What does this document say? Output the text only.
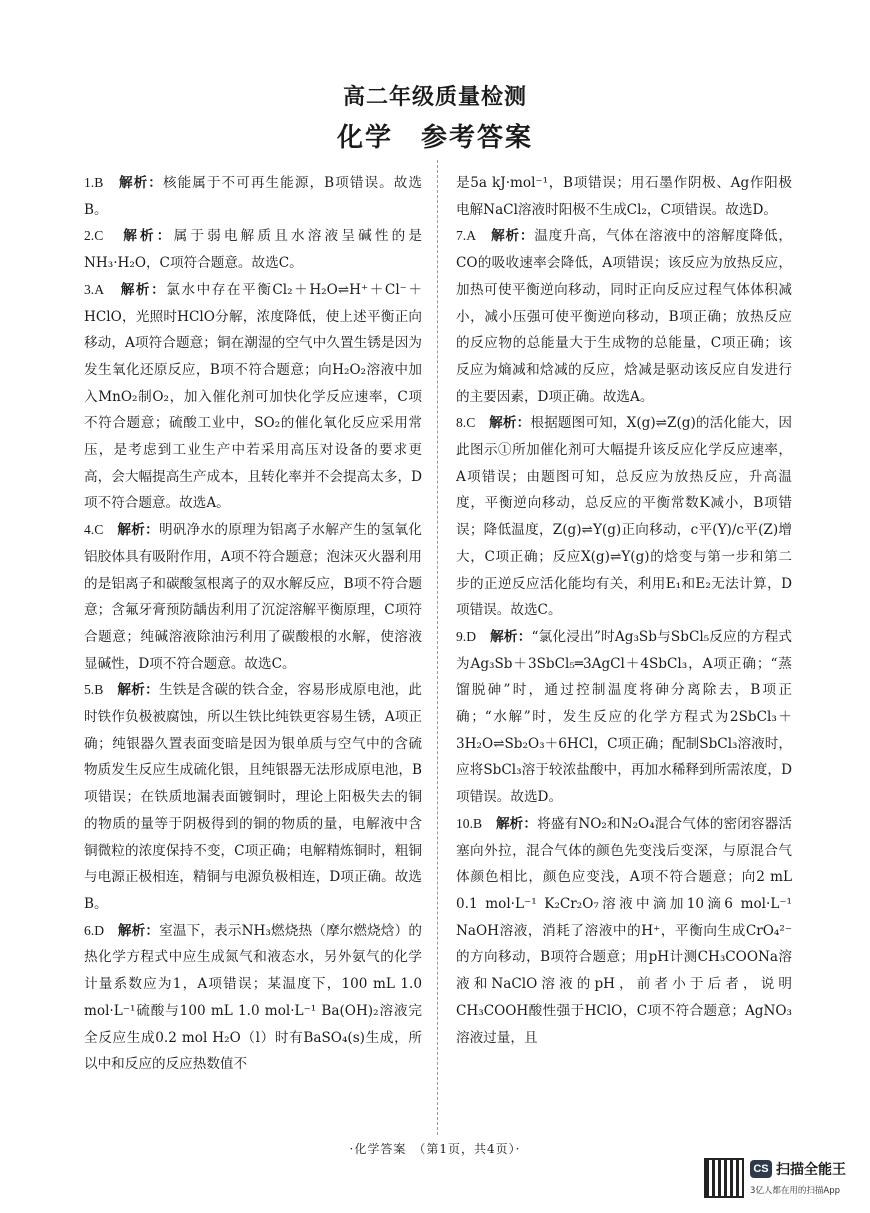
高二年级质量检测
化学　参考答案

1.B　 解析：核能属于不可再生能源，B项错误。故选B。

2.C　 解析：属于弱电解质且水溶液呈碱性的是NH₃·H₂O，C项符合题意。故选C。

3.A　 解析：氯水中存在平衡Cl₂＋H₂O⇌H⁺＋Cl⁻＋HClO，光照时HClO分解，浓度降低，使上述平衡正向移动，A项符合题意；铜在潮湿的空气中久置生锈是因为发生氧化还原反应，B项不符合题意；向H₂O₂溶液中加入MnO₂制O₂，加入催化剂可加快化学反应速率，C项不符合题意；硫酸工业中，SO₂的催化氧化反应采用常压，是考虑到工业生产中若采用高压对设备的要求更高，会大幅提高生产成本，且转化率并不会提高太多，D项不符合题意。故选A。

4.C　 解析：明矾净水的原理为铝离子水解产生的氢氧化铝胶体具有吸附作用，A项不符合题意；泡沫灭火器利用的是铝离子和碳酸氢根离子的双水解反应，B项不符合题意；含氟牙膏预防龋齿利用了沉淀溶解平衡原理，C项符合题意；纯碱溶液除油污利用了碳酸根的水解，使溶液显碱性，D项不符合题意。故选C。

5.B　 解析：生铁是含碳的铁合金，容易形成原电池，此时铁作负极被腐蚀，所以生铁比纯铁更容易生锈，A项正确；纯银器久置表面变暗是因为银单质与空气中的含硫物质发生反应生成硫化银，且纯银器无法形成原电池，B项错误；在铁质地漏表面镀铜时，理论上阳极失去的铜的物质的量等于阴极得到的铜的物质的量，电解液中含铜微粒的浓度保持不变，C项正确；电解精炼铜时，粗铜与电源正极相连，精铜与电源负极相连，D项正确。故选B。

6.D　 解析：室温下，表示NH₃燃烧热（摩尔燃烧焓）的热化学方程式中应生成氮气和液态水，另外氨气的化学计量系数应为1，A项错误；某温度下，100 mL 1.0 mol·L⁻¹硫酸与100 mL 1.0 mol·L⁻¹ Ba(OH)₂溶液完全反应生成0.2 mol H₂O（l）时有BaSO₄(s)生成，所以中和反应的反应热数值不

是5a kJ·mol⁻¹，B项错误；用石墨作阴极、Ag作阳极电解NaCl溶液时阳极不生成Cl₂，C项错误。故选D。

7.A　 解析：温度升高，气体在溶液中的溶解度降低，CO的吸收速率会降低，A项错误；该反应为放热反应，加热可使平衡逆向移动，同时正向反应过程气体体积减小，减小压强可使平衡逆向移动，B项正确；放热反应的反应物的总能量大于生成物的总能量，C项正确；该反应为熵减和焓减的反应，焓减是驱动该反应自发进行的主要因素，D项正确。故选A。

8.C　 解析：根据题图可知，X(g)⇌Z(g)的活化能大，因此图示①所加催化剂可大幅提升该反应化学反应速率，A项错误；由题图可知，总反应为放热反应，升高温度，平衡逆向移动，总反应的平衡常数K减小，B项错误；降低温度，Z(g)⇌Y(g)正向移动，c平(Y)/c平(Z)增大，C项正确；反应X(g)⇌Y(g)的焓变与第一步和第二步的正逆反应活化能均有关，利用E₁和E₂无法计算，D项错误。故选C。

9.D　 解析：“氯化浸出”时Ag₃Sb与SbCl₅反应的方程式为Ag₃Sb＋3SbCl₅═3AgCl＋4SbCl₃，A项正确；“蒸馏脱砷”时，通过控制温度将砷分离除去，B项正确；“水解”时，发生反应的化学方程式为2SbCl₃＋3H₂O⇌Sb₂O₃＋6HCl，C项正确；配制SbCl₃溶液时，应将SbCl₃溶于较浓盐酸中，再加水稀释到所需浓度，D项错误。故选D。

10.B　 解析：将盛有NO₂和N₂O₄混合气体的密闭容器活塞向外拉，混合气体的颜色先变浅后变深，与原混合气体颜色相比，颜色应变浅，A项不符合题意；向2 mL 0.1 mol·L⁻¹ K₂Cr₂O₇溶液中滴加10滴6 mol·L⁻¹ NaOH溶液，消耗了溶液中的H⁺，平衡向生成CrO₄²⁻的方向移动，B项符合题意；用pH计测CH₃COONa溶液和NaClO溶液的pH，前者小于后者，说明CH₃COOH酸性强于HClO，C项不符合题意；AgNO₃溶液过量，且

·化学答案　（第1页，共4页）·
CS 扫描全能王
3亿人都在用的扫描App
